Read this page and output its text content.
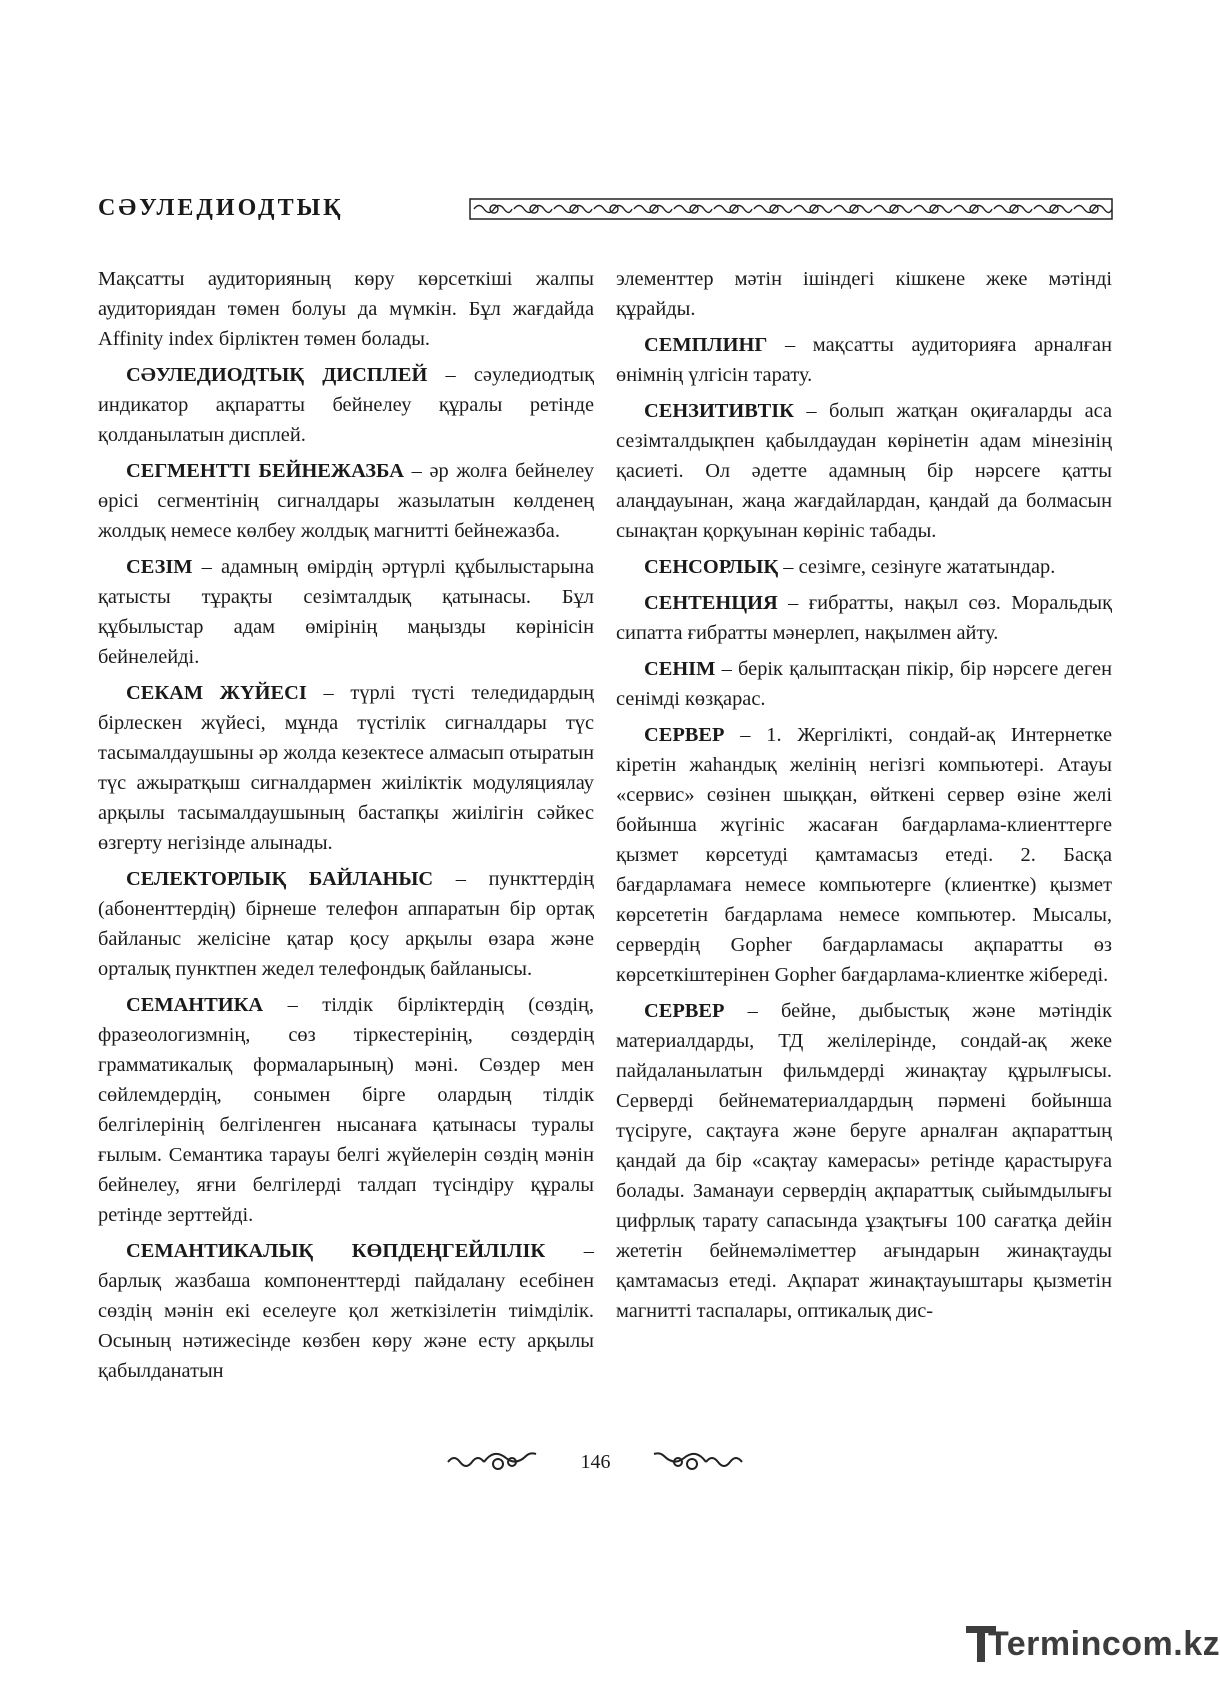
СӘУЛЕДИОДТЫҚ

Мақсатты аудиторияның көру көрсеткіші жалпы аудиториядан төмен болуы да мүмкін. Бұл жағдайда Affinity index бірліктен төмен болады.

СӘУЛЕДИОДТЫҚ ДИСПЛЕЙ – сәуледиодтық индикатор ақпаратты бейнелеу құралы ретінде қолданылатын дисплей.

СЕГМЕНТТІ БЕЙНЕЖАЗБА – әр жолға бейнелеу өрісі сегментінің сигналдары жазылатын көлденең жолдық немесе көлбеу жолдық магнитті бейнежазба.

СЕЗІМ – адамның өмірдің әртүрлі құбылыстарына қатысты тұрақты сезімталдық қатынасы. Бұл құбылыстар адам өмірінің маңызды көрінісін бейнелейді.

СЕКАМ ЖҮЙЕСІ – түрлі түсті теледидардың бірлескен жүйесі, мұнда түстілік сигналдары түс тасымалдаушыны әр жолда кезектесе алмасып отыратын түс ажыратқыш сигналдармен жиіліктік модуляциялау арқылы тасымалдаушының бастапқы жиілігін сәйкес өзгерту негізінде алынады.

СЕЛЕКТОРЛЫҚ БАЙЛАНЫС – пункттердің (абоненттердің) бірнеше телефон аппаратын бір ортақ байланыс желісіне қатар қосу арқылы өзара және орталық пунктпен жедел телефондық байланысы.

СЕМАНТИКА – тілдік бірліктердің (сөздің, фразеологизмнің, сөз тіркестерінің, сөздердің грамматикалық формаларының) мәні. Сөздер мен сөйлемдердің, сонымен бірге олардың тілдік белгілерінің белгіленген нысанаға қатынасы туралы ғылым. Семантика тарауы белгі жүйелерін сөздің мәнін бейнелеу, яғни белгілерді талдап түсіндіру құралы ретінде зерттейді.

СЕМАНТИКАЛЫҚ КӨПДЕҢГЕЙЛІЛІК – барлық жазбаша компоненттерді пайдалану есебінен сөздің мәнін екі еселеуге қол жеткізілетін тиімділік. Осының нәтижесінде көзбен көру және есту арқылы қабылданатын

элементтер мәтін ішіндегі кішкене жеке мәтінді құрайды.

СЕМПЛИНГ – мақсатты аудиторияға арналған өнімнің үлгісін тарату.

СЕНЗИТИВТІК – болып жатқан оқиғаларды аса сезімталдықпен қабылдаудан көрінетін адам мінезінің қасиеті. Ол әдетте адамның бір нәрсеге қатты алаңдауынан, жаңа жағдайлардан, қандай да болмасын сынақтан қорқуынан көрініс табады.

СЕНСОРЛЫҚ – сезімге, сезінуге жататындар.

СЕНТЕНЦИЯ – ғибратты, нақыл сөз. Моральдық сипатта ғибратты мәнерлеп, нақылмен айту.

СЕНІМ – берік қалыптасқан пікір, бір нәрсеге деген сенімді көзқарас.

СЕРВЕР – 1. Жергілікті, сондай-ақ Интернетке кіретін жаһандық желінің негізгі компьютері. Атауы «сервис» сөзінен шыққан, өйткені сервер өзіне желі бойынша жүгініс жасаған бағдарлама-клиенттерге қызмет көрсетуді қамтамасыз етеді. 2. Басқа бағдарламаға немесе компьютерге (клиентке) қызмет көрсететін бағдарлама немесе компьютер. Мысалы, сервердің Gopher бағдарламасы ақпаратты өз көрсеткіштерінен Gopher бағдарлама-клиентке жібереді.

СЕРВЕР – бейне, дыбыстық және мәтіндік материалдарды, ТД желілерінде, сондай-ақ жеке пайдаланылатын фильмдерді жинақтау құрылғысы. Серверді бейнематериалдардың пәрмені бойынша түсіруге, сақтауға және беруге арналған ақпараттың қандай да бір «сақтау камерасы» ретінде қарастыруға болады. Заманауи сервердің ақпараттық сыйымдылығы цифрлық тарату сапасында ұзақтығы 100 сағатқа дейін жететін бейнемәліметтер ағындарын жинақтауды қамтамасыз етеді. Ақпарат жинақтауыштары қызметін магнитті таспалары, оптикалық дис-

146
Termincom.kz
